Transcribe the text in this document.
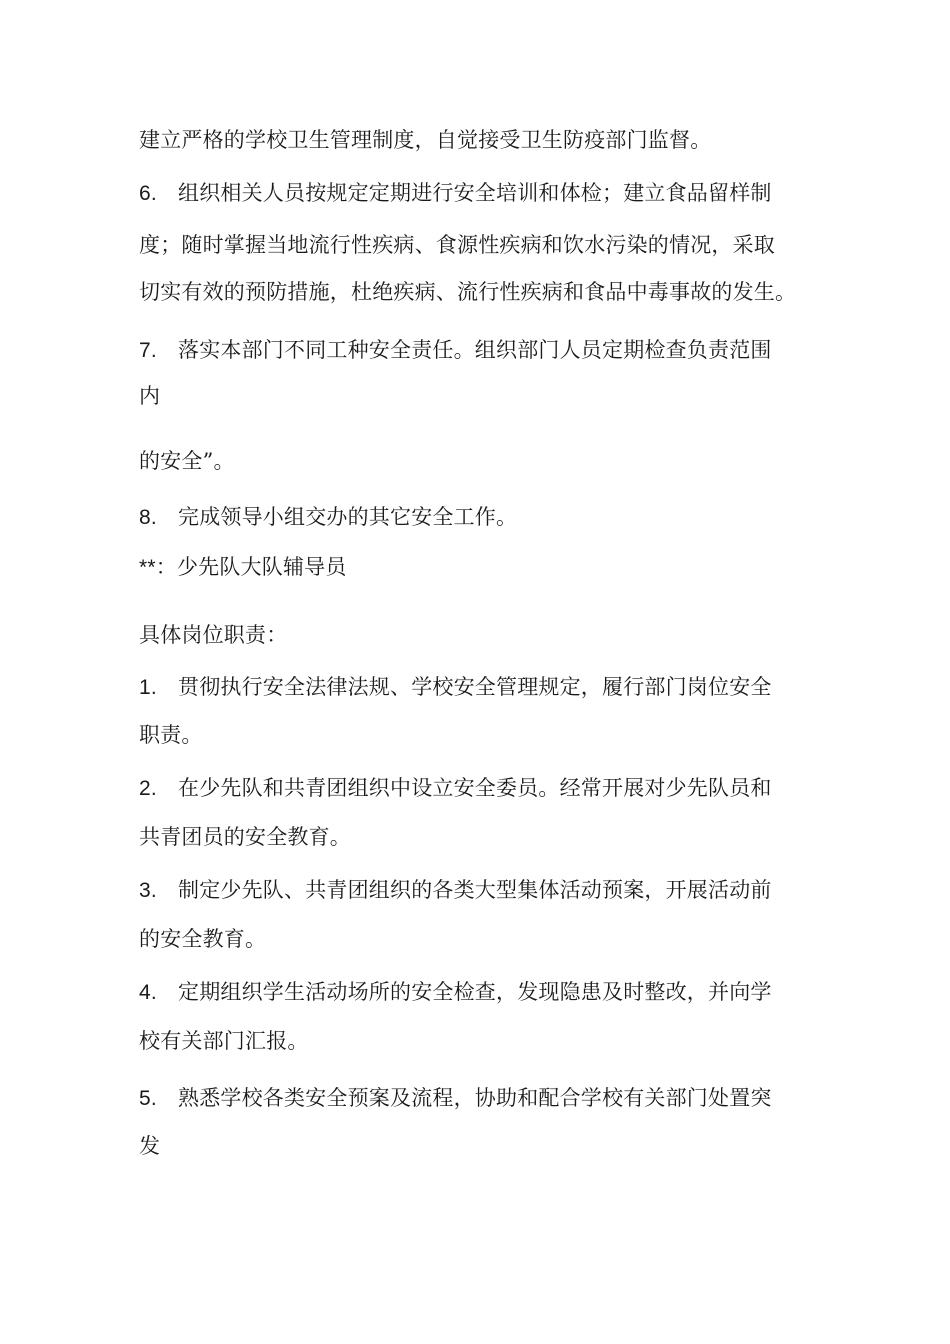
建立严格的学校卫生管理制度，自觉接受卫生防疫部门监督。
6. 组织相关人员按规定定期进行安全培训和体检；建立食品留样制
度；随时掌握当地流行性疾病、食源性疾病和饮水污染的情况，采取
切实有效的预防措施，杜绝疾病、流行性疾病和食品中毒事故的发生。
7. 落实本部门不同工种安全责任。组织部门人员定期检查负责范围
内
的安全”。
8. 完成领导小组交办的其它安全工作。
**：少先队大队辅导员
具体岗位职责：
1. 贯彻执行安全法律法规、学校安全管理规定，履行部门岗位安全
职责。
2. 在少先队和共青团组织中设立安全委员。经常开展对少先队员和
共青团员的安全教育。
3. 制定少先队、共青团组织的各类大型集体活动预案，开展活动前
的安全教育。
4. 定期组织学生活动场所的安全检查，发现隐患及时整改，并向学
校有关部门汇报。
5. 熟悉学校各类安全预案及流程，协助和配合学校有关部门处置突
发
